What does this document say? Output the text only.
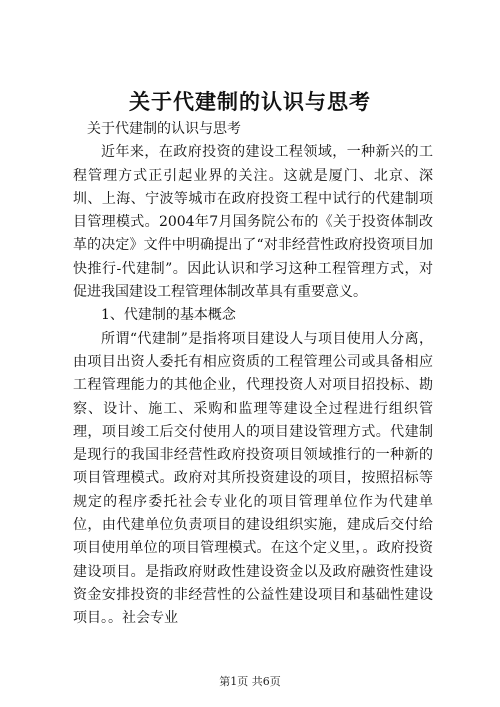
关于代建制的认识与思考

关于代建制的认识与思考

近年来，在政府投资的建设工程领域，一种新兴的工程管理方式正引起业界的关注。这就是厦门、北京、深圳、上海、宁波等城市在政府投资工程中试行的代建制项目管理模式。2004年7月国务院公布的《关于投资体制改革的决定》文件中明确提出了“对非经营性政府投资项目加快推行-代建制”。因此认识和学习这种工程管理方式，对促进我国建设工程管理体制改革具有重要意义。

1、代建制的基本概念

所谓“代建制”是指将项目建设人与项目使用人分离，由项目出资人委托有相应资质的工程管理公司或具备相应工程管理能力的其他企业，代理投资人对项目招投标、勘察、设计、施工、采购和监理等建设全过程进行组织管理，项目竣工后交付使用人的项目建设管理方式。代建制是现行的我国非经营性政府投资项目领域推行的一种新的项目管理模式。政府对其所投资建设的项目，按照招标等规定的程序委托社会专业化的项目管理单位作为代建单位，由代建单位负责项目的建设组织实施，建成后交付给项目使用单位的项目管理模式。在这个定义里，。政府投资建设项目。是指政府财政性建设资金以及政府融资性建设资金安排投资的非经营性的公益性建设项目和基础性建设项目。。社会专业

第1页 共6页
